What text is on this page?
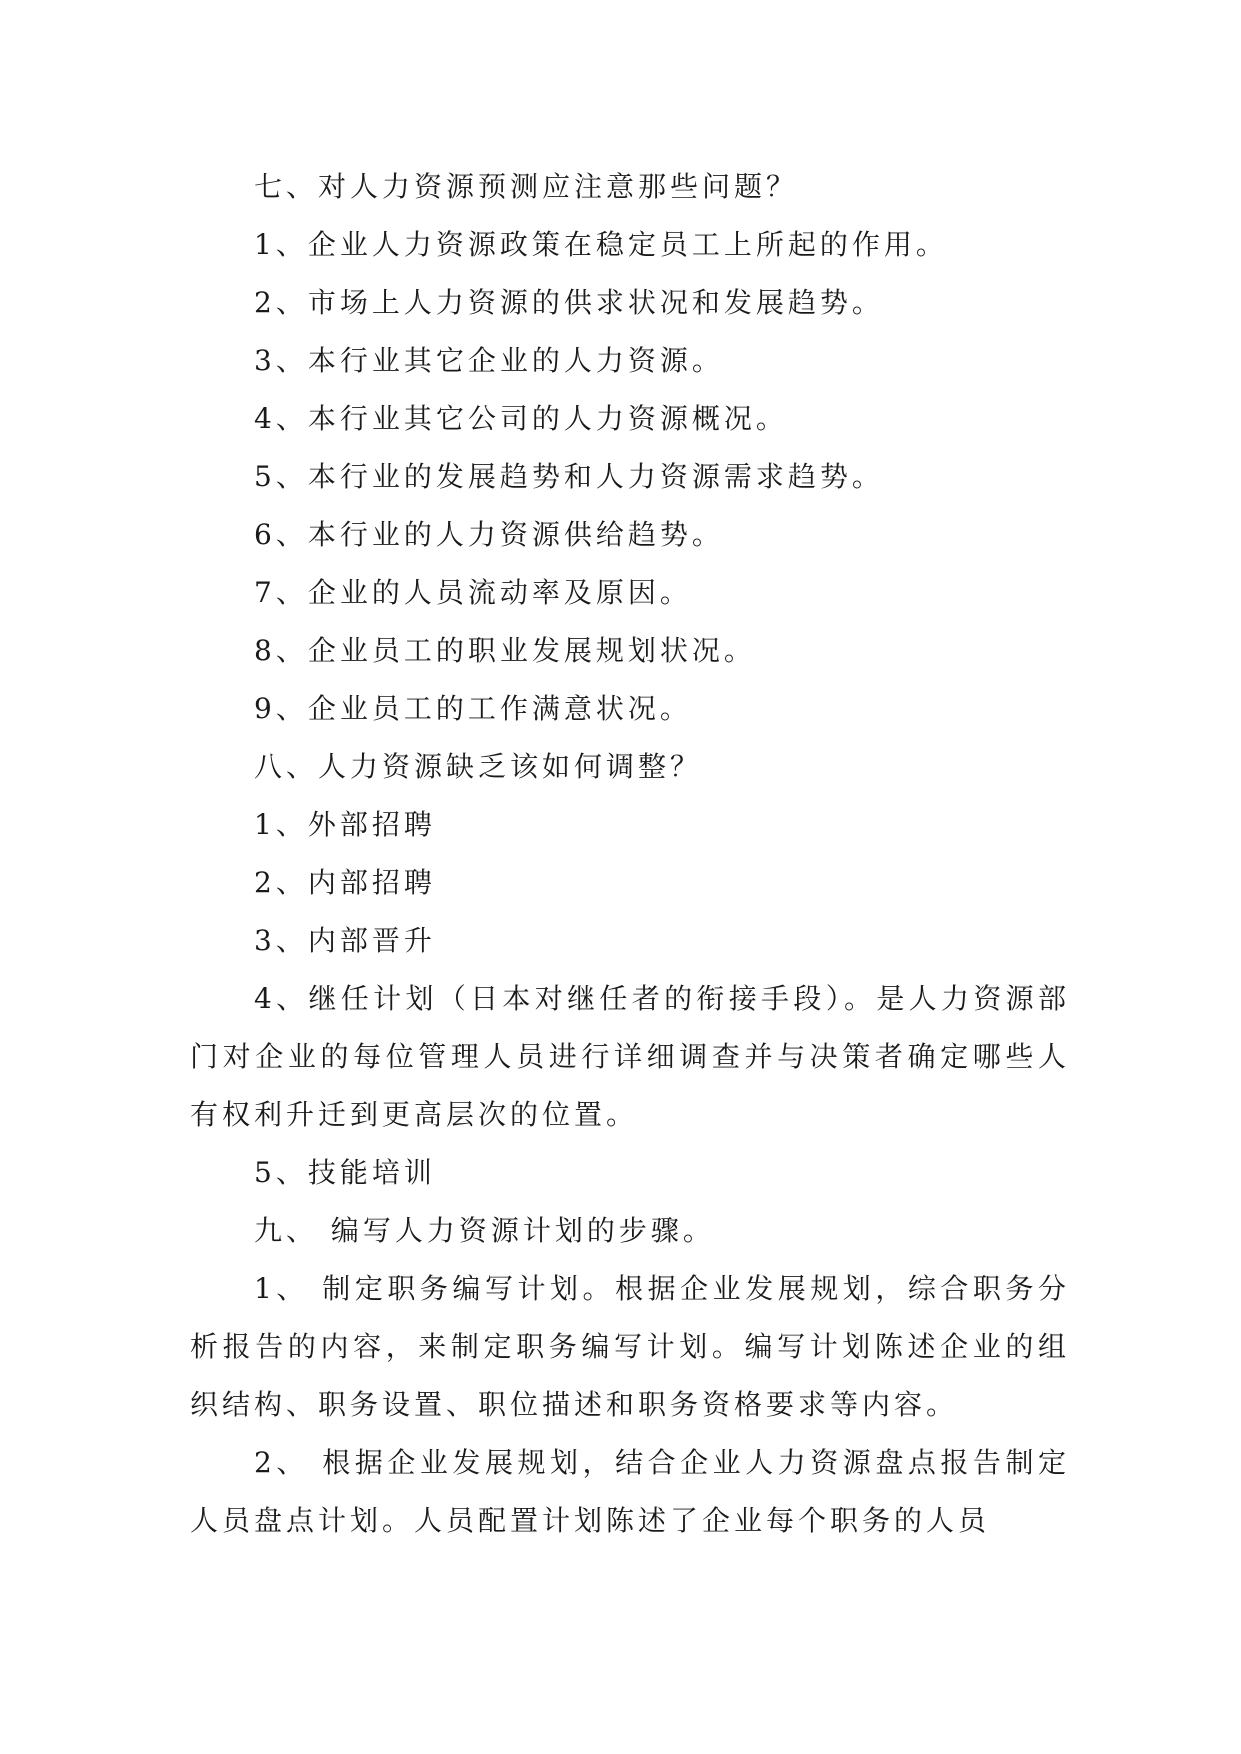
七、对人力资源预测应注意那些问题？

1、企业人力资源政策在稳定员工上所起的作用。

2、市场上人力资源的供求状况和发展趋势。

3、本行业其它企业的人力资源。

4、本行业其它公司的人力资源概况。

5、本行业的发展趋势和人力资源需求趋势。

6、本行业的人力资源供给趋势。

7、企业的人员流动率及原因。

8、企业员工的职业发展规划状况。

9、企业员工的工作满意状况。

八、人力资源缺乏该如何调整？

1、外部招聘

2、内部招聘

3、内部晋升

4、继任计划（日本对继任者的衔接手段）。是人力资源部门对企业的每位管理人员进行详细调查并与决策者确定哪些人有权利升迁到更高层次的位置。

5、技能培训

九、 编写人力资源计划的步骤。

1、 制定职务编写计划。根据企业发展规划，综合职务分析报告的内容，来制定职务编写计划。编写计划陈述企业的组织结构、职务设置、职位描述和职务资格要求等内容。

2、 根据企业发展规划，结合企业人力资源盘点报告制定人员盘点计划。人员配置计划陈述了企业每个职务的人员
